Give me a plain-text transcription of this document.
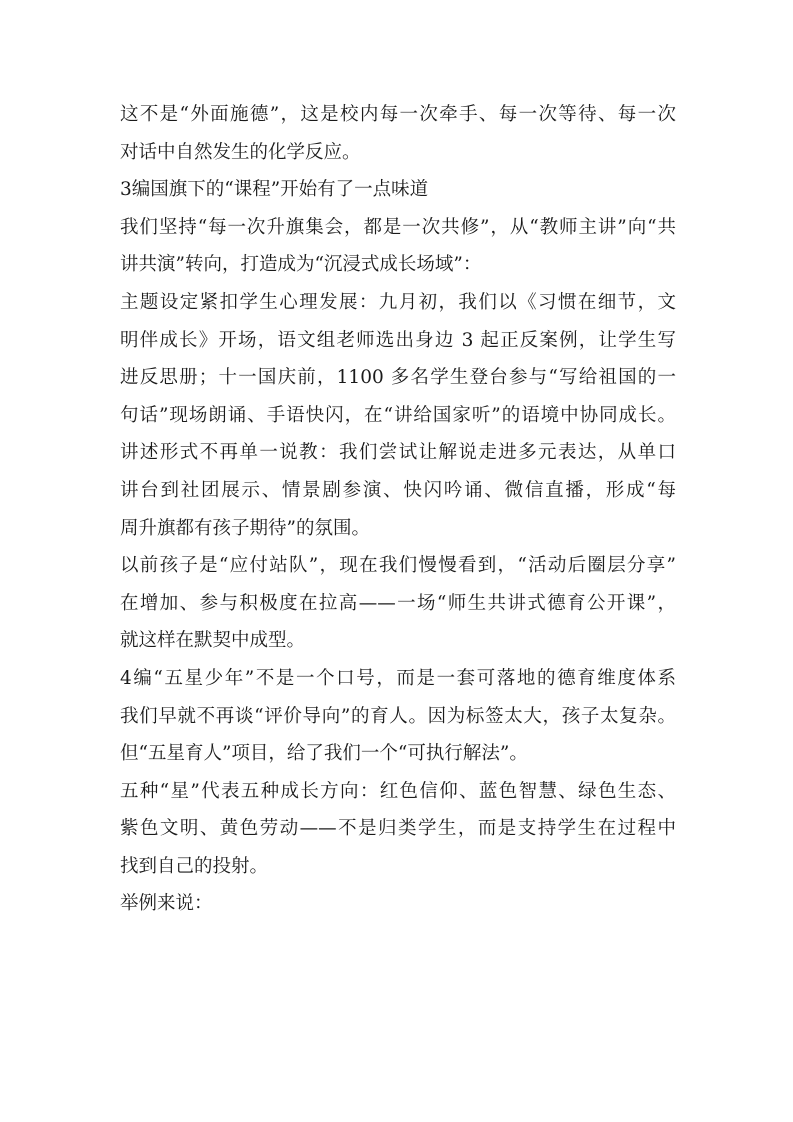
这不是“外面施德”，这是校内每一次牵手、每一次等待、每一次
对话中自然发生的化学反应。
3编国旗下的“课程”开始有了一点味道
我们坚持“每一次升旗集会，都是一次共修”，从“教师主讲”向“共
讲共演”转向，打造成为“沉浸式成长场域”：
主题设定紧扣学生心理发展：九月初，我们以《习惯在细节，文
明伴成长》开场，语文组老师选出身边 3 起正反案例，让学生写
进反思册；十一国庆前，1100 多名学生登台参与“写给祖国的一
句话”现场朗诵、手语快闪，在“讲给国家听”的语境中协同成长。
讲述形式不再单一说教：我们尝试让解说走进多元表达，从单口
讲台到社团展示、情景剧参演、快闪吟诵、微信直播，形成“每
周升旗都有孩子期待”的氛围。
以前孩子是“应付站队”，现在我们慢慢看到，“活动后圈层分享”
在增加、参与积极度在拉高——一场“师生共讲式德育公开课”，
就这样在默契中成型。
4编“五星少年”不是一个口号，而是一套可落地的德育维度体系
我们早就不再谈“评价导向”的育人。因为标签太大，孩子太复杂。
但“五星育人”项目，给了我们一个“可执行解法”。
五种“星”代表五种成长方向：红色信仰、蓝色智慧、绿色生态、
紫色文明、黄色劳动——不是归类学生，而是支持学生在过程中
找到自己的投射。
举例来说：
